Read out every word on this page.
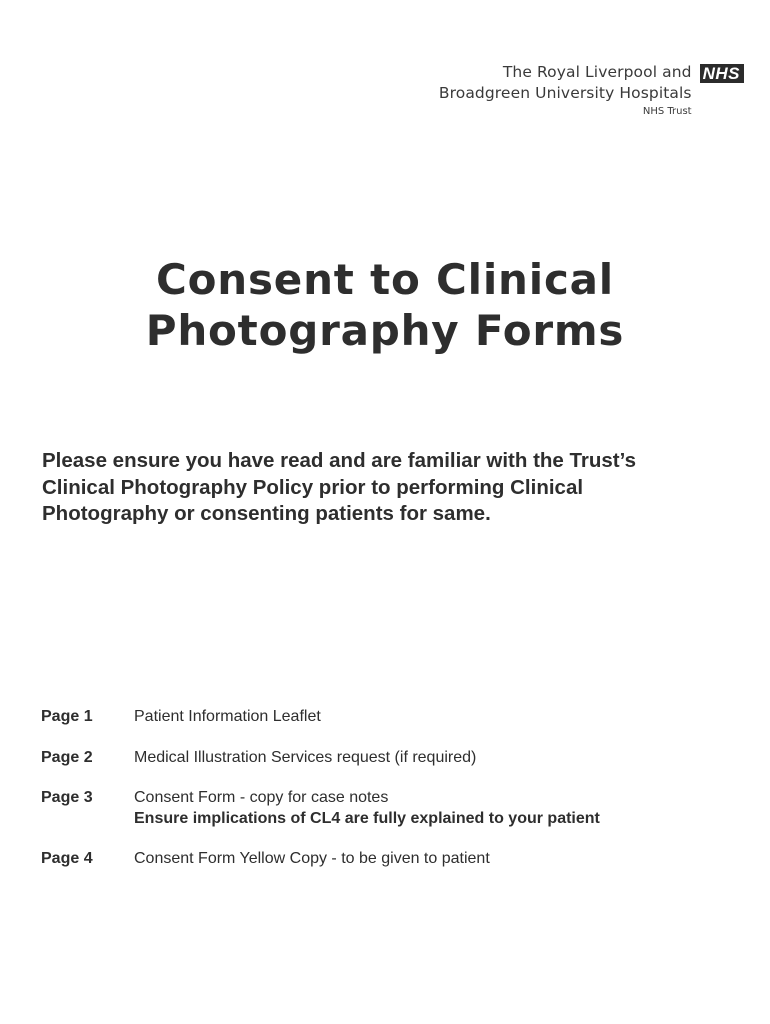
The Royal Liverpool and
Broadgreen University Hospitals
NHS Trust
NHS
Consent to Clinical
Photography Forms
Please ensure you have read and are familiar with the Trust’s
Clinical Photography Policy prior to performing Clinical
Photography or consenting patients for same.
Page 1	Patient Information Leaflet
Page 2	Medical Illustration Services request (if required)
Page 3	Consent Form - copy for case notes
Ensure implications of CL4 are fully explained to your patient
Page 4	Consent Form Yellow Copy - to be given to patient
